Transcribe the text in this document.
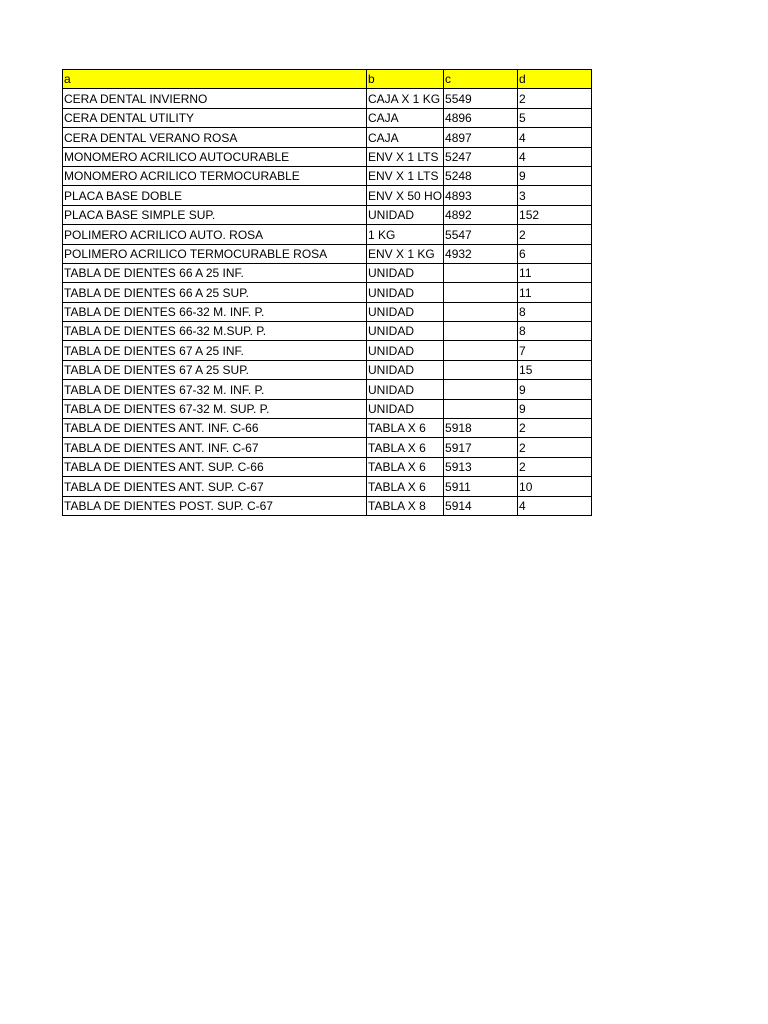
a	b	c	d
CERA DENTAL INVIERNO	CAJA X 1 KG	5549	2
CERA DENTAL UTILITY	CAJA	4896	5
CERA DENTAL VERANO ROSA	CAJA	4897	4
MONOMERO ACRILICO AUTOCURABLE	ENV X 1 LTS	5247	4
MONOMERO ACRILICO TERMOCURABLE	ENV X 1 LTS	5248	9
PLACA BASE DOBLE	ENV X 50 HO	4893	3
PLACA BASE SIMPLE SUP.	UNIDAD	4892	152
POLIMERO ACRILICO AUTO. ROSA	1 KG	5547	2
POLIMERO ACRILICO TERMOCURABLE ROSA	ENV X 1 KG	4932	6
TABLA DE DIENTES 66 A 25 INF.	UNIDAD		11
TABLA DE DIENTES 66 A 25 SUP.	UNIDAD		11
TABLA DE DIENTES 66-32 M. INF. P.	UNIDAD		8
TABLA DE DIENTES 66-32 M.SUP. P.	UNIDAD		8
TABLA DE DIENTES 67 A 25 INF.	UNIDAD		7
TABLA DE DIENTES 67 A 25 SUP.	UNIDAD		15
TABLA DE DIENTES 67-32 M. INF. P.	UNIDAD		9
TABLA DE DIENTES 67-32 M. SUP. P.	UNIDAD		9
TABLA DE DIENTES ANT. INF. C-66	TABLA X 6	5918	2
TABLA DE DIENTES ANT. INF. C-67	TABLA X 6	5917	2
TABLA DE DIENTES ANT. SUP. C-66	TABLA X 6	5913	2
TABLA DE DIENTES ANT. SUP. C-67	TABLA X 6	5911	10
TABLA DE DIENTES POST. SUP. C-67	TABLA X 8	5914	4
